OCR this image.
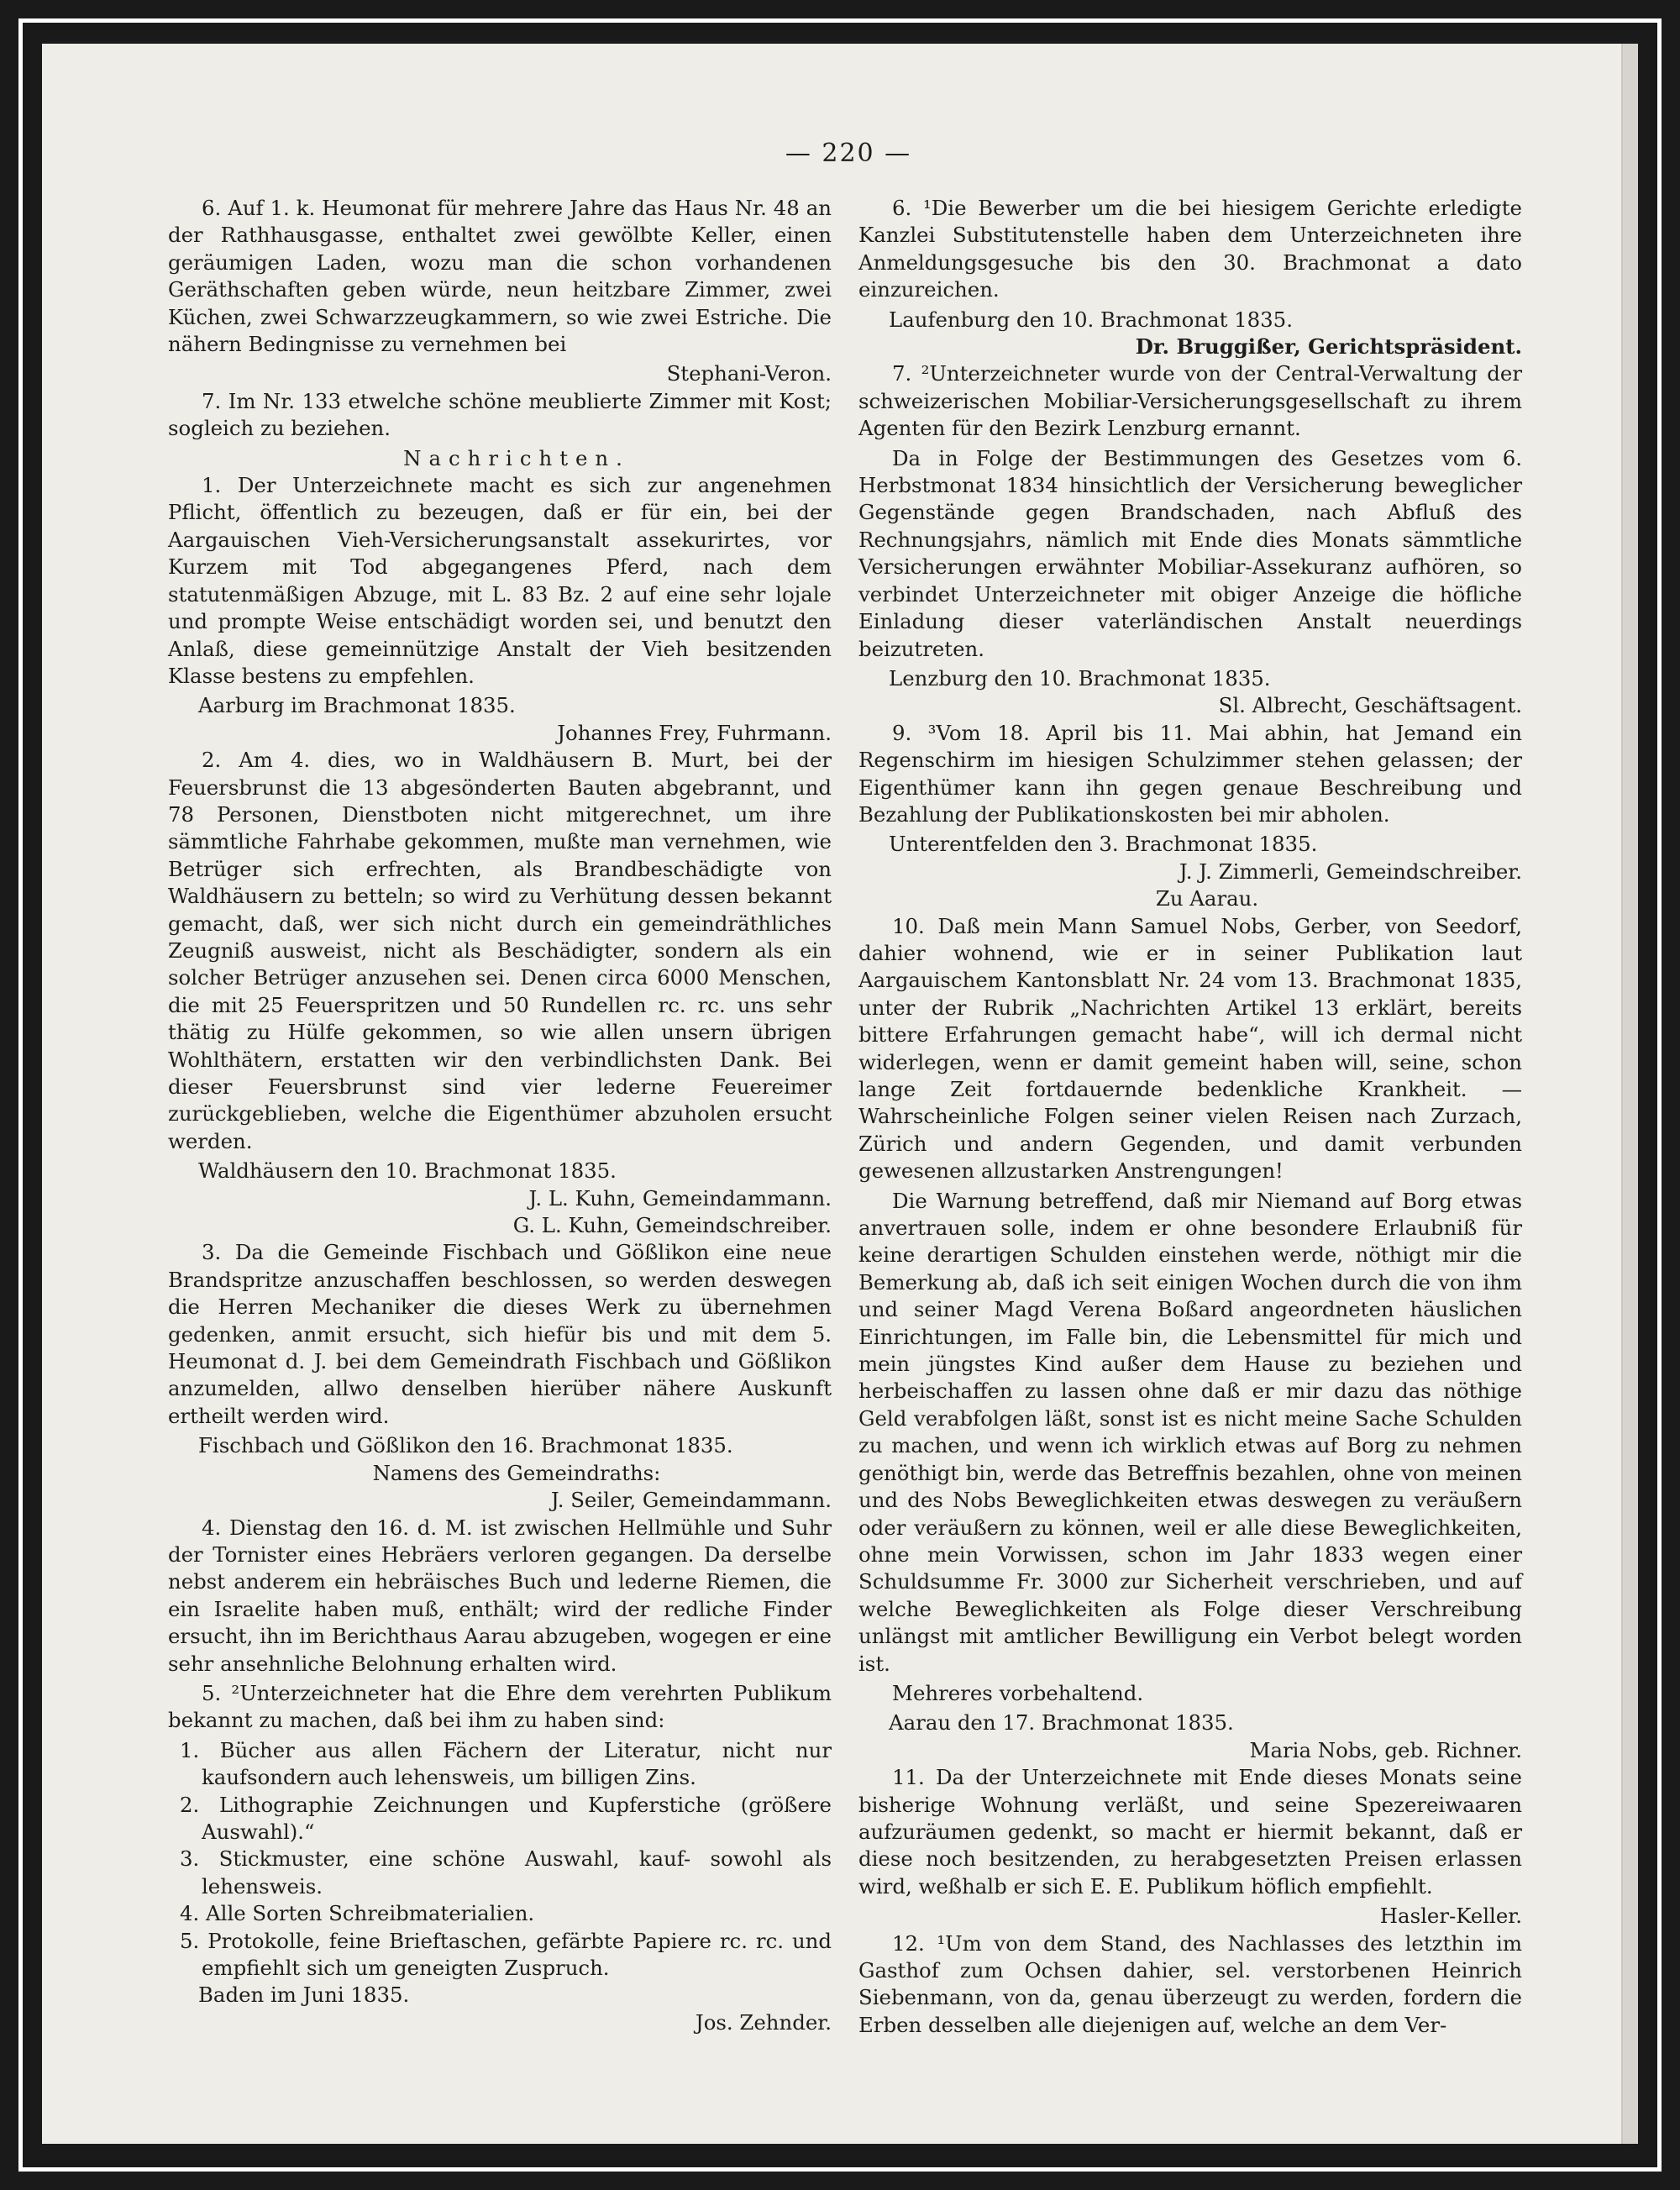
— 220 —

6. Auf 1. k. Heumonat für mehrere Jahre das Haus Nr. 48 an der Rathhausgasse, enthaltet zwei gewölbte Keller, einen geräumigen Laden, wozu man die schon vorhandenen Geräthschaften geben würde, neun heitzbare Zimmer, zwei Küchen, zwei Schwarzzeugkammern, so wie zwei Estriche. Die nähern Bedingnisse zu vernehmen bei

Stephani-Veron.

7. Im Nr. 133 etwelche schöne meublierte Zimmer mit Kost; sogleich zu beziehen.

Nachrichten.

1. Der Unterzeichnete macht es sich zur angenehmen Pflicht, öffentlich zu bezeugen, daß er für ein, bei der Aargauischen Vieh-Versicherungsanstalt assekurirtes, vor Kurzem mit Tod abgegangenes Pferd, nach dem statutenmäßigen Abzuge, mit L. 83 Bz. 2 auf eine sehr lojale und prompte Weise entschädigt worden sei, und benutzt den Anlaß, diese gemeinnützige Anstalt der Vieh besitzenden Klasse bestens zu empfehlen.

Aarburg im Brachmonat 1835.

Johannes Frey, Fuhrmann.

2. Am 4. dies, wo in Waldhäusern B. Murt, bei der Feuersbrunst die 13 abgesönderten Bauten abgebrannt, und 78 Personen, Dienstboten nicht mitgerechnet, um ihre sämmtliche Fahrhabe gekommen, mußte man vernehmen, wie Betrüger sich erfrechten, als Brandbeschädigte von Waldhäusern zu betteln; so wird zu Verhütung dessen bekannt gemacht, daß, wer sich nicht durch ein gemeindräthliches Zeugniß ausweist, nicht als Beschädigter, sondern als ein solcher Betrüger anzusehen sei. Denen circa 6000 Menschen, die mit 25 Feuerspritzen und 50 Rundellen rc. rc. uns sehr thätig zu Hülfe gekommen, so wie allen unsern übrigen Wohlthätern, erstatten wir den verbindlichsten Dank. Bei dieser Feuersbrunst sind vier lederne Feuereimer zurückgeblieben, welche die Eigenthümer abzuholen ersucht werden.

Waldhäusern den 10. Brachmonat 1835.

J. L. Kuhn, Gemeindammann.

G. L. Kuhn, Gemeindschreiber.

3. Da die Gemeinde Fischbach und Gößlikon eine neue Brandspritze anzuschaffen beschlossen, so werden deswegen die Herren Mechaniker die dieses Werk zu übernehmen gedenken, anmit ersucht, sich hiefür bis und mit dem 5. Heumonat d. J. bei dem Gemeindrath Fischbach und Gößlikon anzumelden, allwo denselben hierüber nähere Auskunft ertheilt werden wird.

Fischbach und Gößlikon den 16. Brachmonat 1835.

Namens des Gemeindraths:

J. Seiler, Gemeindammann.

4. Dienstag den 16. d. M. ist zwischen Hellmühle und Suhr der Tornister eines Hebräers verloren gegangen. Da derselbe nebst anderem ein hebräisches Buch und lederne Riemen, die ein Israelite haben muß, enthält; wird der redliche Finder ersucht, ihn im Berichthaus Aarau abzugeben, wogegen er eine sehr ansehnliche Belohnung erhalten wird.

5. ²Unterzeichneter hat die Ehre dem verehrten Publikum bekannt zu machen, daß bei ihm zu haben sind:

1. Bücher aus allen Fächern der Literatur, nicht nur kaufsondern auch lehensweis, um billigen Zins.

2. Lithographie Zeichnungen und Kupferstiche (größere Auswahl).“

3. Stickmuster, eine schöne Auswahl, kauf- sowohl als lehensweis.

4. Alle Sorten Schreibmaterialien.

5. Protokolle, feine Brieftaschen, gefärbte Papiere rc. rc. und empfiehlt sich um geneigten Zuspruch.

Baden im Juni 1835.

Jos. Zehnder.

6. ¹Die Bewerber um die bei hiesigem Gerichte erledigte Kanzlei Substitutenstelle haben dem Unterzeichneten ihre Anmeldungsgesuche bis den 30. Brachmonat a dato einzureichen.

Laufenburg den 10. Brachmonat 1835.

Dr. Bruggißer, Gerichtspräsident.

7. ²Unterzeichneter wurde von der Central-Verwaltung der schweizerischen Mobiliar-Versicherungsgesellschaft zu ihrem Agenten für den Bezirk Lenzburg ernannt.

Da in Folge der Bestimmungen des Gesetzes vom 6. Herbstmonat 1834 hinsichtlich der Versicherung beweglicher Gegenstände gegen Brandschaden, nach Abfluß des Rechnungsjahrs, nämlich mit Ende dies Monats sämmtliche Versicherungen erwähnter Mobiliar-Assekuranz aufhören, so verbindet Unterzeichneter mit obiger Anzeige die höfliche Einladung dieser vaterländischen Anstalt neuerdings beizutreten.

Lenzburg den 10. Brachmonat 1835.

Sl. Albrecht, Geschäftsagent.

9. ³Vom 18. April bis 11. Mai abhin, hat Jemand ein Regenschirm im hiesigen Schulzimmer stehen gelassen; der Eigenthümer kann ihn gegen genaue Beschreibung und Bezahlung der Publikationskosten bei mir abholen.

Unterentfelden den 3. Brachmonat 1835.

J. J. Zimmerli, Gemeindschreiber.

Zu Aarau.

10. Daß mein Mann Samuel Nobs, Gerber, von Seedorf, dahier wohnend, wie er in seiner Publikation laut Aargauischem Kantonsblatt Nr. 24 vom 13. Brachmonat 1835, unter der Rubrik „Nachrichten Artikel 13 erklärt, bereits bittere Erfahrungen gemacht habe“, will ich dermal nicht widerlegen, wenn er damit gemeint haben will, seine, schon lange Zeit fortdauernde bedenkliche Krankheit. — Wahrscheinliche Folgen seiner vielen Reisen nach Zurzach, Zürich und andern Gegenden, und damit verbunden gewesenen allzustarken Anstrengungen!

Die Warnung betreffend, daß mir Niemand auf Borg etwas anvertrauen solle, indem er ohne besondere Erlaubniß für keine derartigen Schulden einstehen werde, nöthigt mir die Bemerkung ab, daß ich seit einigen Wochen durch die von ihm und seiner Magd Verena Boßard angeordneten häuslichen Einrichtungen, im Falle bin, die Lebensmittel für mich und mein jüngstes Kind außer dem Hause zu beziehen und herbeischaffen zu lassen ohne daß er mir dazu das nöthige Geld verabfolgen läßt, sonst ist es nicht meine Sache Schulden zu machen, und wenn ich wirklich etwas auf Borg zu nehmen genöthigt bin, werde das Betreffnis bezahlen, ohne von meinen und des Nobs Beweglichkeiten etwas deswegen zu veräußern oder veräußern zu können, weil er alle diese Beweglichkeiten, ohne mein Vorwissen, schon im Jahr 1833 wegen einer Schuldsumme Fr. 3000 zur Sicherheit verschrieben, und auf welche Beweglichkeiten als Folge dieser Verschreibung unlängst mit amtlicher Bewilligung ein Verbot belegt worden ist.

Mehreres vorbehaltend.

Aarau den 17. Brachmonat 1835.

Maria Nobs, geb. Richner.

11. Da der Unterzeichnete mit Ende dieses Monats seine bisherige Wohnung verläßt, und seine Spezereiwaaren aufzuräumen gedenkt, so macht er hiermit bekannt, daß er diese noch besitzenden, zu herabgesetzten Preisen erlassen wird, weßhalb er sich E. E. Publikum höflich empfiehlt.

Hasler-Keller.

12. ¹Um von dem Stand, des Nachlasses des letzthin im Gasthof zum Ochsen dahier, sel. verstorbenen Heinrich Siebenmann, von da, genau überzeugt zu werden, fordern die Erben desselben alle diejenigen auf, welche an dem Ver-
